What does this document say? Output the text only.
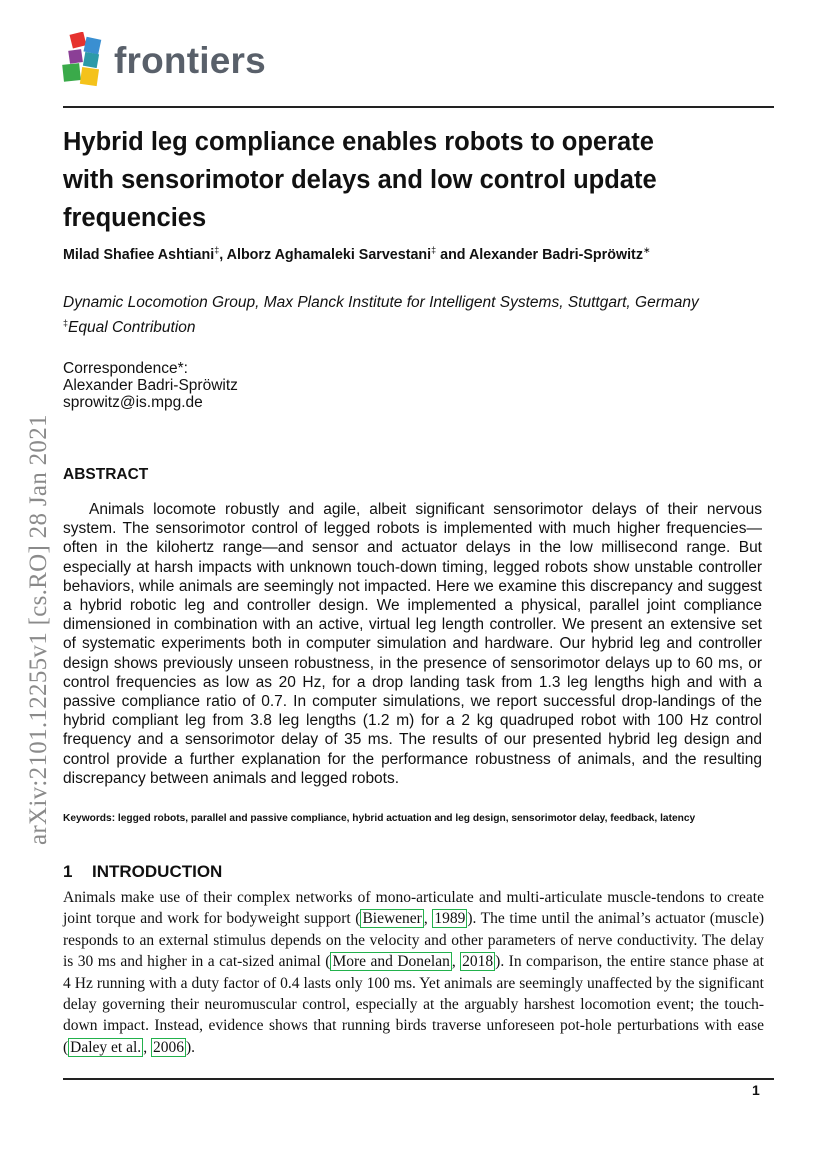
frontiers
Hybrid leg compliance enables robots to operate with sensorimotor delays and low control update frequencies
Milad Shafiee Ashtiani‡, Alborz Aghamaleki Sarvestani‡ and Alexander Badri-Spröwitz∗
Dynamic Locomotion Group, Max Planck Institute for Intelligent Systems, Stuttgart, Germany
‡Equal Contribution
Correspondence*:
Alexander Badri-Spröwitz
sprowitz@is.mpg.de
ABSTRACT

Animals locomote robustly and agile, albeit significant sensorimotor delays of their nervous system. The sensorimotor control of legged robots is implemented with much higher frequencies—often in the kilohertz range—and sensor and actuator delays in the low millisecond range. But especially at harsh impacts with unknown touch-down timing, legged robots show unstable controller behaviors, while animals are seemingly not impacted. Here we examine this discrepancy and suggest a hybrid robotic leg and controller design. We implemented a physical, parallel joint compliance dimensioned in combination with an active, virtual leg length controller. We present an extensive set of systematic experiments both in computer simulation and hardware. Our hybrid leg and controller design shows previously unseen robustness, in the presence of sensorimotor delays up to 60 ms, or control frequencies as low as 20 Hz, for a drop landing task from 1.3 leg lengths high and with a passive compliance ratio of 0.7. In computer simulations, we report successful drop-landings of the hybrid compliant leg from 3.8 leg lengths (1.2 m) for a 2 kg quadruped robot with 100 Hz control frequency and a sensorimotor delay of 35 ms. The results of our presented hybrid leg design and control provide a further explanation for the performance robustness of animals, and the resulting discrepancy between animals and legged robots.

Keywords: legged robots, parallel and passive compliance, hybrid actuation and leg design, sensorimotor delay, feedback, latency
1 INTRODUCTION

Animals make use of their complex networks of mono-articulate and multi-articulate muscle-tendons to create joint torque and work for bodyweight support ( Biewener , 1989 ). The time until the animal’s actuator (muscle) responds to an external stimulus depends on the velocity and other parameters of nerve conductivity. The delay is 30 ms and higher in a cat-sized animal ( More and Donelan , 2018 ). In comparison, the entire stance phase at 4 Hz running with a duty factor of 0.4 lasts only 100 ms. Yet animals are seemingly unaffected by the significant delay governing their neuromuscular control, especially at the arguably harshest locomotion event; the touch-down impact. Instead, evidence shows that running birds traverse unforeseen pot-hole perturbations with ease ( Daley et al. , 2006 ).

1
arXiv:2101.12255v1 [cs.RO] 28 Jan 2021
